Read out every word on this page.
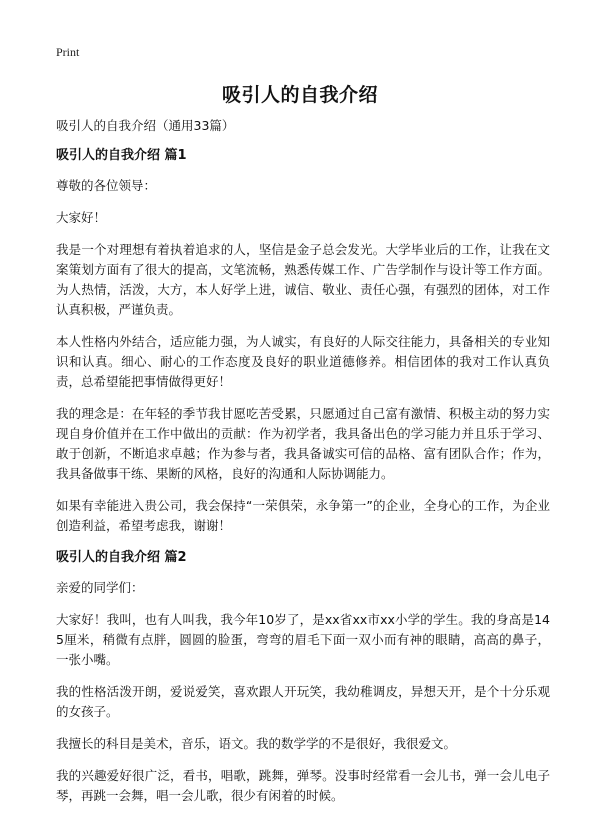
Print
吸引人的自我介绍
吸引人的自我介绍（通用33篇）
吸引人的自我介绍 篇1
尊敬的各位领导：
大家好！
我是一个对理想有着执着追求的人，坚信是金子总会发光。大学毕业后的工作，让我在文案策划方面有了很大的提高，文笔流畅，熟悉传媒工作、广告学制作与设计等工作方面。为人热情，活泼，大方，本人好学上进，诚信、敬业、责任心强，有强烈的团体，对工作认真积极，严谨负责。
本人性格内外结合，适应能力强，为人诚实，有良好的人际交往能力，具备相关的专业知识和认真。细心、耐心的工作态度及良好的职业道德修养。相信团体的我对工作认真负责，总希望能把事情做得更好！
我的理念是：在年轻的季节我甘愿吃苦受累，只愿通过自己富有激情、积极主动的努力实现自身价值并在工作中做出的贡献：作为初学者，我具备出色的学习能力并且乐于学习、敢于创新，不断追求卓越；作为参与者，我具备诚实可信的品格、富有团队合作；作为，我具备做事干练、果断的风格，良好的沟通和人际协调能力。
如果有幸能进入贵公司，我会保持“一荣俱荣，永争第一”的企业，全身心的工作，为企业创造利益，希望考虑我，谢谢！
吸引人的自我介绍 篇2
亲爱的同学们：
大家好！我叫，也有人叫我，我今年10岁了，是xx省xx市xx小学的学生。我的身高是145厘米，稍微有点胖，圆圆的脸蛋，弯弯的眉毛下面一双小而有神的眼睛，高高的鼻子，一张小嘴。
我的性格活泼开朗，爱说爱笑，喜欢跟人开玩笑，我幼稚调皮，异想天开，是个十分乐观的女孩子。
我擅长的科目是美术，音乐，语文。我的数学学的不是很好，我很爱文。
我的兴趣爱好很广泛，看书，唱歌，跳舞，弹琴。没事时经常看一会儿书，弹一会儿电子琴，再跳一会舞，唱一会儿歌，很少有闲着的时候。
